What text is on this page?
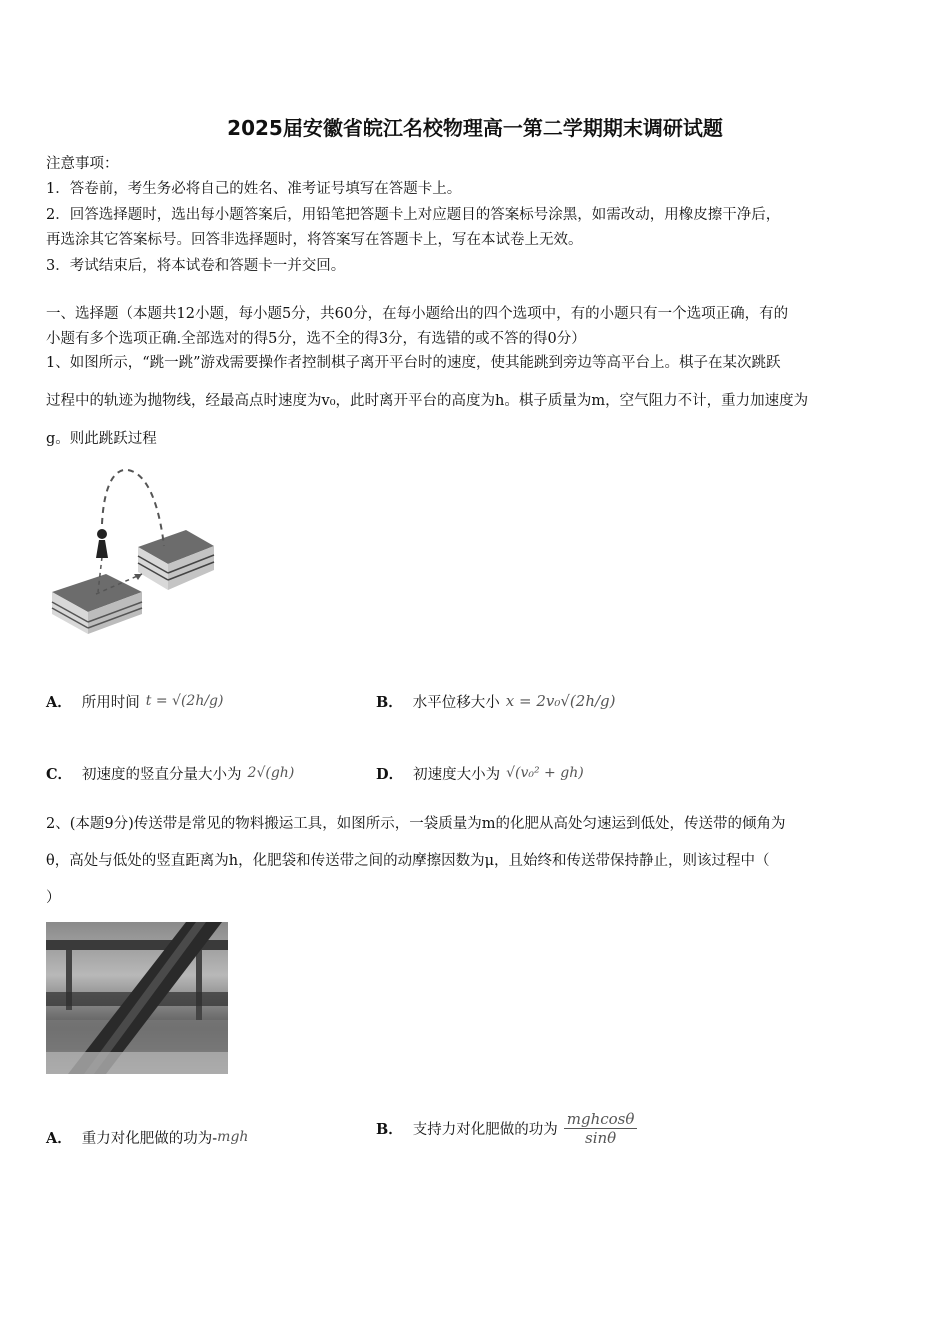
2025届安徽省皖江名校物理高一第二学期期末调研试题
注意事项：
1．答卷前，考生务必将自己的姓名、准考证号填写在答题卡上。
2．回答选择题时，选出每小题答案后，用铅笔把答题卡上对应题目的答案标号涂黑，如需改动，用橡皮擦干净后，
再选涂其它答案标号。回答非选择题时，将答案写在答题卡上，写在本试卷上无效。
3．考试结束后，将本试卷和答题卡一并交回。
一、选择题（本题共12小题，每小题5分，共60分，在每小题给出的四个选项中，有的小题只有一个选项正确，有的
小题有多个选项正确.全部选对的得5分，选不全的得3分，有选错的或不答的得0分）
1、如图所示，“跳一跳”游戏需要操作者控制棋子离开平台时的速度，使其能跳到旁边等高平台上。棋子在某次跳跃
过程中的轨迹为抛物线，经最高点时速度为v₀，此时离开平台的高度为h。棋子质量为m，空气阻力不计，重力加速度为
g。则此跳跃过程
A． 所用时间 t = √(2h/g)	B． 水平位移大小 x = 2v₀√(2h/g)
C． 初速度的竖直分量大小为 2√(gh)	D． 初速度大小为 √(v₀² + gh)
2、(本题9分)传送带是常见的物料搬运工具，如图所示，一袋质量为m的化肥从高处匀速运到低处，传送带的倾角为
θ，高处与低处的竖直距离为h，化肥袋和传送带之间的动摩擦因数为μ，且始终和传送带保持静止，则该过程中（
）
A． 重力对化肥做的功为- mgh	B． 支持力对化肥做的功为 $\frac{\text{mghcosθ}}{\sin\theta}$
